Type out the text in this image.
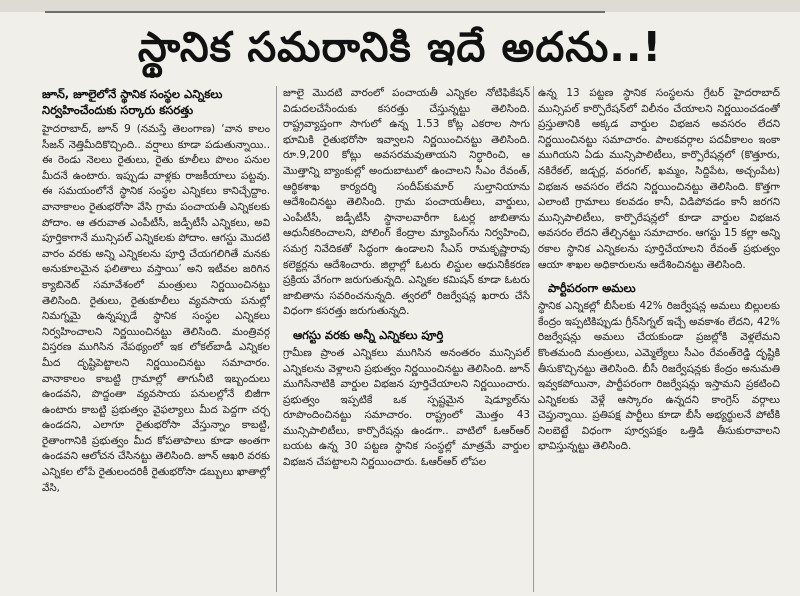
స్థానిక సమరానికి ఇదే అదను..!
జూన్, జూలైలోనే స్థానిక సంస్థల ఎన్నికలు నిర్వహించేందుకు సర్కారు కసరత్తు

హైదరాబాద్, జూన్ 9 (నమస్తే తెలంగాణ) ‘వాన కాలం సీజన్ నెత్తిమీదికొచ్చింది.. వర్షాలు కూడా పడుతున్నాయి.. ఈ రెండు నెలలు రైతులు, రైతు కూలీలు పొలం పనుల మీదనే ఉంటారు. ఇప్పుడు వాళ్లకు రాజకీయాలు పట్టవు. ఈ సమయంలోనే స్థానిక సంస్థల ఎన్నికలు కానిచ్చేద్దాం. వానాకాలం రైతుభరోసా వేసి గ్రామ పంచాయతీ ఎన్నికలకు పోదాం. ఆ తరువాత ఎంపీటీసీ, జడ్పీటీసీ ఎన్నికలు, అవి పూర్తికాగానే మున్సిపల్ ఎన్నికలకు పోదాం. ఆగస్టు మొదటి వారం వరకు అన్ని ఎన్నికలను పూర్తి చేయగలిగితే మనకు అనుకూలమైన ఫలితాలు వస్తాయి’ అని ఇటీవల జరిగిన క్యాబినెట్ సమావేశంలో మంత్రులు నిర్ణయించినట్టు తెలిసింది. రైతులు, రైతుకూలీలు వ్యవసాయ పనుల్లో నిమగ్నమై ఉన్నప్పుడే స్థానిక సంస్థల ఎన్నికలు నిర్వహించాలని నిర్ణయించినట్టు తెలిసింది. మంత్రివర్గ విస్తరణ ముగిసిన నేపథ్యంలో ఇక లోకల్‌బాడీ ఎన్నికల మీద దృష్టిపెట్టాలని నిర్ణయించినట్టు సమాచారం. వానాకాలం కాబట్టి గ్రామాల్లో తాగునీటి ఇబ్బందులు ఉండవని, పొద్దంతా వ్యవసాయ పనులల్లోనే బిజీగా ఉంటారు కాబట్టి ప్రభుత్వం వైఫల్యాలు మీద పెద్దగా చర్చ ఉండదని, ఎలాగూ రైతుభరోసా వేస్తున్నాం కాబట్టి, రైతాంగానికి ప్రభుత్వం మీద కోపతాపాలు కూడా అంతగా ఉండవని ఆలోచన చేసినట్టు తెలిసింది. జూన్ ఆఖరి వరకు ఎన్నికల లోపే రైతులందరికీ రైతుభరోసా డబ్బులు ఖాతాల్లో వేసి,

జూలై మొదటి వారంలో పంచాయతీ ఎన్నికల నోటిఫికేషన్ విడుదలచేసేందుకు కసరత్తు చేస్తున్నట్టు తెలిసింది. రాష్ట్రవ్యాప్తంగా సాగులో ఉన్న 1.53 కోట్ల ఎకరాల సాగు భూమికి రైతుభరోసా ఇవ్వాలని నిర్ణయించినట్టు తెలిసింది. రూ.9,200 కోట్లు అవసరమవుతాయని నిర్ధారించి, ఆ మొత్తాన్ని బ్యాంకుల్లో అందుబాటులో ఉంచాలని సీఎం రేవంత్, ఆర్థికశాఖ కార్యదర్శి సందీప్‌కుమార్ సుల్తానియాను ఆదేశించినట్టు తెలిసింది. గ్రామ పంచాయతీలు, వార్డులు, ఎంపీటీసీ, జడ్పీటీసీ స్థానాలవారీగా ఓటర్ల జాబితాను ఆధునీకరించాలని, పోలింగ్ కేంద్రాల మ్యాపింగ్‌ను నిర్వహించి, సమగ్ర నివేదికతో సిద్ధంగా ఉండాలని సీఎస్ రామకృష్ణారావు కలెక్టర్లను ఆదేశించారు. జిల్లాల్లో ఓటరు లిస్టుల ఆధునికీకరణ ప్రక్రియ వేగంగా జరుగుతున్నది. ఎన్నికల కమిషన్ కూడా ఓటరు జాబితాను సవరించనున్నది. త్వరలో రిజర్వేషన్ల ఖరారు చేసే విధంగా కసరత్తు జరుగుతున్నది.

ఆగస్టు వరకు అన్నీ ఎన్నికలు పూర్తి

గ్రామీణ ప్రాంత ఎన్నికలు ముగిసిన అనంతరం మున్సిపల్ ఎన్నికలను వెళ్లాలని ప్రభుత్వం నిర్ణయించినట్టు తెలిసింది. జూన్ ముగిసేనాటికి వార్డుల విభజన పూర్తిచేయాలని నిర్ణయించారు. ప్రభుత్వం ఇప్పటికే ఒక స్పష్టమైన షెడ్యూల్‌ను రూపొందించినట్టు సమాచారం. రాష్ట్రంలో మొత్తం 43 మున్సిపాలిటీలు, కార్పొరేషన్లు ఉండగా.. వాటిలో ఓఆర్ఆర్ బయట ఉన్న 30 పట్టణ స్థానిక సంస్థల్లో మాత్రమే వార్డుల విభజన చేపట్టాలని నిర్ణయించారు. ఓఆర్ఆర్ లోపల

ఉన్న 13 పట్టణ స్థానిక సంస్థలను గ్రేటర్ హైదరాబాద్ మున్సిపల్ కార్పొరేషన్‌లో విలీనం చేయాలని నిర్ణయించడంతో ప్రస్తుతానికి అక్కడ వార్డుల విభజన అవసరం లేదని నిర్ణయించినట్టు సమాచారం. పాలకవర్గాల పదవీకాలం ఇంకా ముగియని ఏడు మున్సిపాలిటీలు, కార్పొరేషన్లలో (కొత్తూరు, నకిరేకల్, జడ్చర్ల, వరంగల్, ఖమ్మం, సిద్దిపేట, అచ్చంపేట) విభజన అవసరం లేదని నిర్ణయించినట్టు తెలిసింది. కొత్తగా ఎలాంటి గ్రామాలు కలవడం కానీ, విడిపోవడం కానీ జరగని మున్సిపాలిటీలు, కార్పొరేషన్లలో కూడా వార్డుల విభజన అవసరం లేదని తేల్చినట్టు సమాచారం. ఆగస్టు 15 కల్లా అన్ని రకాల స్థానిక ఎన్నికలను పూర్తిచేయాలని రేవంత్ ప్రభుత్వం ఆయా శాఖల అధికారులను ఆదేశించినట్టు తెలిసింది.

పార్టీపరంగా అమలు

స్థానిక ఎన్నికల్లో బీసీలకు 42% రిజర్వేషన్ల అమలు బిల్లులకు కేంద్రం ఇప్పటికిప్పుడు గ్రీన్‌సిగ్నల్ ఇచ్చే అవకాశం లేదని, 42% రిజర్వేషన్లు అమలు చేయకుండా ప్రజల్లోకి వెళ్లలేమని కొంతమంది మంత్రులు, ఎమ్మెల్యేలు సీఎం రేవంత్‌రెడ్డి దృష్టికి తీసుకొచ్చినట్టు తెలిసింది. బీసీ రిజర్వేషన్లకు కేంద్రం అనుమతి ఇవ్వకపోయినా, పార్టీపరంగా రిజర్వేషన్లు ఇస్తామని ప్రకటించి ఎన్నికలకు వెళ్లే ఆస్కారం ఉన్నదని కాంగ్రెస్ వర్గాలు చెప్తున్నాయి. ప్రతిపక్ష పార్టీలు కూడా బీసీ అభ్యర్థులనే పోటీకి నిలబెట్టే విధంగా పూర్వపక్షం ఒత్తిడి తీసుకురావాలని భావిస్తున్నట్టు తెలిసింది.
